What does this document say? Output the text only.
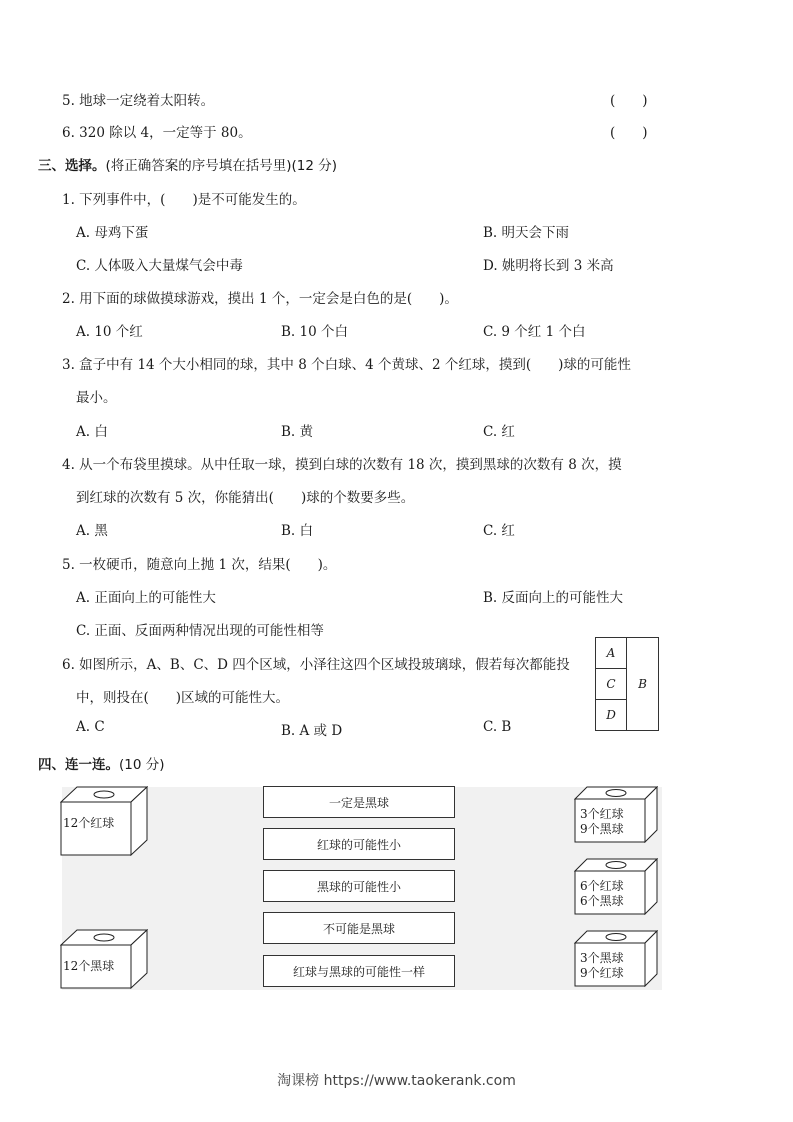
5. 地球一定绕着太阳转。	(　　)
6. 320 除以 4，一定等于 80。	(　　)
三、选择。(将正确答案的序号填在括号里)(12 分)
1. 下列事件中，(　　)是不可能发生的。
A. 母鸡下蛋	B. 明天会下雨
C. 人体吸入大量煤气会中毒	D. 姚明将长到 3 米高
2. 用下面的球做摸球游戏，摸出 1 个，一定会是白色的是(　　)。
A. 10 个红	B. 10 个白	C. 9 个红 1 个白
3. 盒子中有 14 个大小相同的球，其中 8 个白球、4 个黄球、2 个红球，摸到(　　)球的可能性
最小。
A. 白	B. 黄	C. 红
4. 从一个布袋里摸球。从中任取一球，摸到白球的次数有 18 次，摸到黑球的次数有 8 次，摸
到红球的次数有 5 次，你能猜出(　　)球的个数要多些。
A. 黑	B. 白	C. 红
5. 一枚硬币，随意向上抛 1 次，结果(　　)。
A. 正面向上的可能性大	B. 反面向上的可能性大
C. 正面、反面两种情况出现的可能性相等
6. 如图所示，A、B、C、D 四个区域，小泽往这四个区域投玻璃球，假若每次都能投
中，则投在(　　)区域的可能性大。
A. C	B. A 或 D	C. B
A
C
D
B
四、连一连。(10 分)
12个红球
12个黑球
一定是黑球
红球的可能性小
黑球的可能性小
不可能是黑球
红球与黑球的可能性一样
3个红球
9个黑球
6个红球
6个黑球
3个黑球
9个红球
淘课榜 https://www.taokerank.com
